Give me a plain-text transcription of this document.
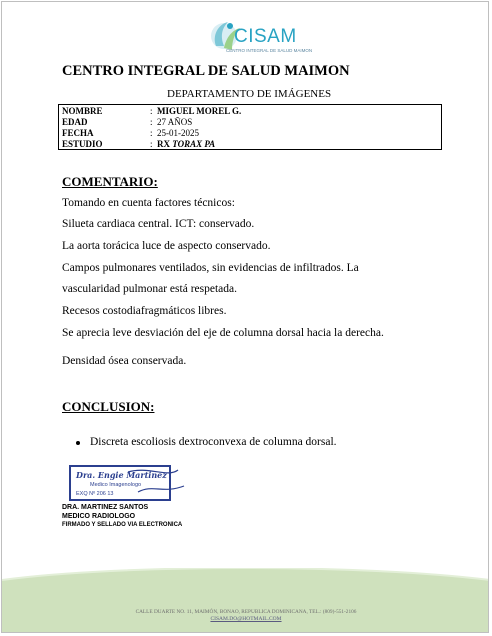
CISAM
CENTRO INTEGRAL DE SALUD MAIMON
CENTRO INTEGRAL DE SALUD MAIMON
DEPARTAMENTO DE IMÁGENES
NOMBRE	: MIGUEL MOREL G.
EDAD	: 27 AÑOS
FECHA	: 25-01-2025
ESTUDIO	: RX TORAX PA
COMENTARIO:
Tomando en cuenta factores técnicos:
Silueta cardiaca central. ICT: conservado.
La aorta torácica luce de aspecto conservado.
Campos pulmonares ventilados, sin evidencias de infiltrados. La
vascularidad pulmonar está respetada.
Recesos costodiafragmáticos libres.
Se aprecia leve desviación del eje de columna dorsal hacia la derecha.
Densidad ósea conservada.
CONCLUSION:
Discreta escoliosis dextroconvexa de columna dorsal.
Dra. Engie Martinez
Medico Imagenologo
EXQ Nº 206 13
DRA. MARTINEZ SANTOS
MEDICO RADIOLOGO
FIRMADO Y SELLADO VIA ELECTRONICA
CALLE DUARTE NO. 11, MAIMÓN, BONAO, REPUBLICA DOMINICANA, TEL.: (809)-551-2106
CISAM.DO@HOTMAIL.COM
